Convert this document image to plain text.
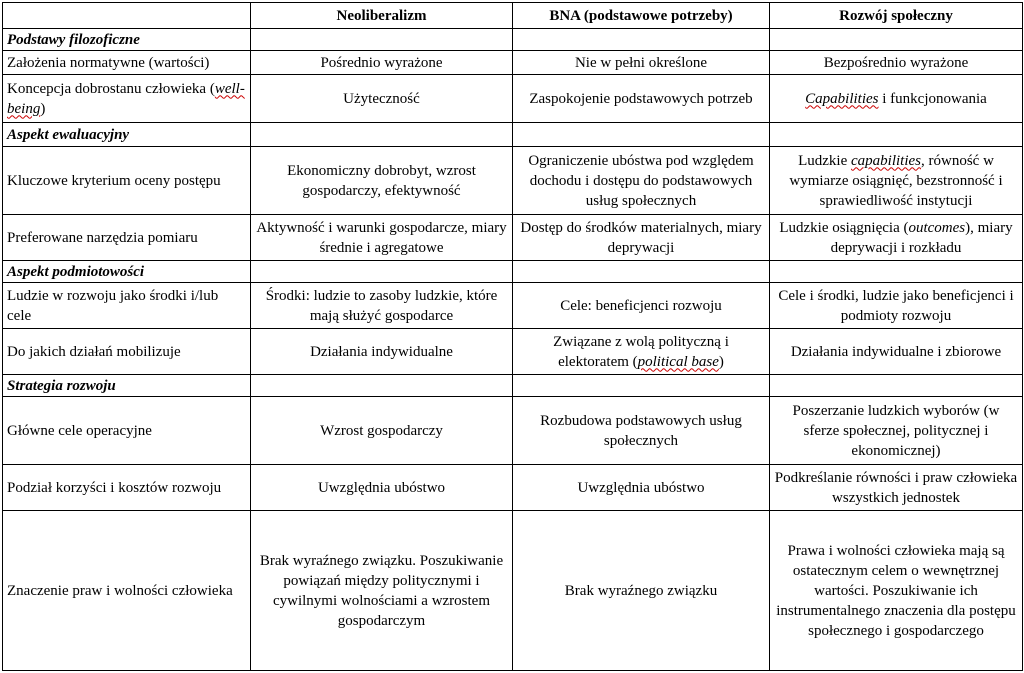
	Neoliberalizm	BNA (podstawowe potrzeby)	Rozwój społeczny
Podstawy filozoficzne			
Założenia normatywne (wartości)	Pośrednio wyrażone	Nie w pełni określone	Bezpośrednio wyrażone
Koncepcja dobrostanu człowieka (well-being)	Użyteczność	Zaspokojenie podstawowych potrzeb	Capabilities i funkcjonowania
Aspekt ewaluacyjny			
Kluczowe kryterium oceny postępu	Ekonomiczny dobrobyt, wzrost gospodarczy, efektywność	Ograniczenie ubóstwa pod względem dochodu i dostępu do podstawowych usług społecznych	Ludzkie capabilities, równość w wymiarze osiągnięć, bezstronność i sprawiedliwość instytucji
Preferowane narzędzia pomiaru	Aktywność i warunki gospodarcze, miary średnie i agregatowe	Dostęp do środków materialnych, miary deprywacji	Ludzkie osiągnięcia (outcomes), miary deprywacji i rozkładu
Aspekt podmiotowości			
Ludzie w rozwoju jako środki i/lub cele	Środki: ludzie to zasoby ludzkie, które mają służyć gospodarce	Cele: beneficjenci rozwoju	Cele i środki, ludzie jako beneficjenci i podmioty rozwoju
Do jakich działań mobilizuje	Działania indywidualne	Związane z wolą polityczną i elektoratem (political base)	Działania indywidualne i zbiorowe
Strategia rozwoju			
Główne cele operacyjne	Wzrost gospodarczy	Rozbudowa podstawowych usług społecznych	Poszerzanie ludzkich wyborów (w sferze społecznej, politycznej i ekonomicznej)
Podział korzyści i kosztów rozwoju	Uwzględnia ubóstwo	Uwzględnia ubóstwo	Podkreślanie równości i praw człowieka wszystkich jednostek
Znaczenie praw i wolności człowieka	Brak wyraźnego związku. Poszukiwanie powiązań między politycznymi i cywilnymi wolnościami a wzrostem gospodarczym	Brak wyraźnego związku	Prawa i wolności człowieka mają są ostatecznym celem o wewnętrznej wartości. Poszukiwanie ich instrumentalnego znaczenia dla postępu społecznego i gospodarczego
